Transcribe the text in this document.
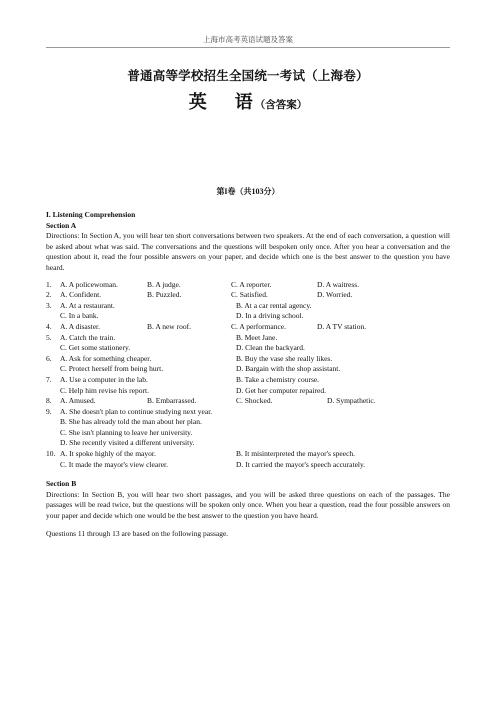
上海市高考英语试题及答案
普通高等学校招生全国统一考试（上海卷）
英 语（含答案）
第I卷（共103分）
I. Listening Comprehension
Section A
Directions: In Section A, you will hear ten short conversations between two speakers. At the end of each conversation, a question will be asked about what was said. The conversations and the questions will bespoken only once. After you hear a conversation and the question about it, read the four possible answers on your paper, and decide which one is the best answer to the question you have heard.
1. A. A policewoman.	B. A judge.	C. A reporter.	D. A waitress.
2. A. Confident.	B. Puzzled.	C. Satisfied.	D. Worried.
3. A. At a restaurant.	B. At a car rental agency.
C. In a bank.	D. In a driving school.
4. A. A disaster.	B. A new roof.	C. A performance.	D. A TV station.
5. A. Catch the train.	B. Meet Jane.
C. Get some stationery.	D. Clean the backyard.
6. A. Ask for something cheaper.	B. Buy the vase she really likes.
C. Protect herself from being hurt.	D. Bargain with the shop assistant.
7. A. Use a computer in the lab.	B. Take a chemistry course.
C. Help him revise his report.	D. Get her computer repaired.
8. A. Amused.	B. Embarrassed.	C. Shocked.	D. Sympathetic.
9. A. She doesn't plan to continue studying next year.
B. She has already told the man about her plan.
C. She isn't planning to leave her university.
D. She recently visited a different university.
10. A. It spoke highly of the mayor.	B. It misinterpreted the mayor's speech.
C. It made the mayor's view clearer.	D. It carried the mayor's speech accurately.
Section B
Directions: In Section B, you will hear two short passages, and you will be asked three questions on each of the passages. The passages will be read twice, but the questions will be spoken only once. When you hear a question, read the four possible answers on your paper and decide which one would be the best answer to the question you have heard.
Questions 11 through 13 are based on the following passage.
